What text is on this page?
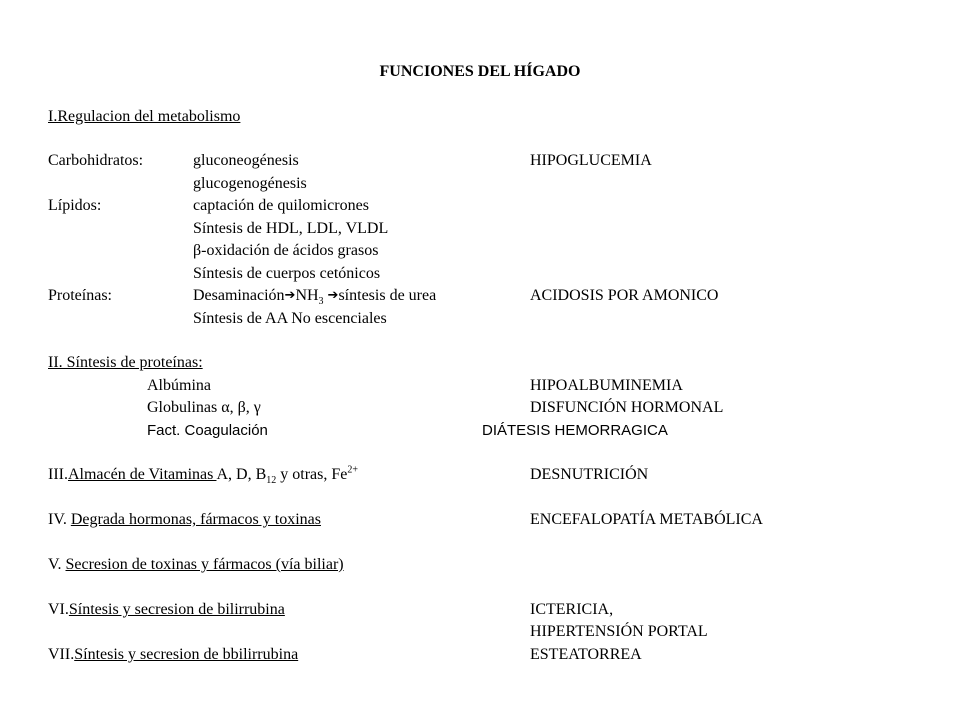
FUNCIONES DEL HÍGADO
I.Regulacion del metabolismo
Carbohidratos:	gluconeogénesis	HIPOGLUCEMIA
glucogenogénesis
Lípidos:	captación de quilomicrones
Síntesis de HDL, LDL, VLDL
β-oxidación de ácidos grasos
Síntesis de cuerpos cetónicos
Proteínas:	$Desaminación➔NH_3$ ➔síntesis de urea	ACIDOSIS POR AMONICO
Síntesis de AA No escenciales
II. Síntesis de proteínas:
Albúmina	HIPOALBUMINEMIA
Globulinas α, β, γ	DISFUNCIÓN HORMONAL
Fact. Coagulación	DIÁTESIS HEMORRAGICA
III.Almacén de Vitaminas A, D, $B_{12}$ y otras, $Fe^{2+}$	DESNUTRICIÓN
IV. Degrada hormonas, fármacos y toxinas	ENCEFALOPATÍA METABÓLICA
V. Secresion de toxinas y fármacos (vía biliar)
VI.Síntesis y secresion de bilirrubina	ICTERICIA,
HIPERTENSIÓN PORTAL
VII.Síntesis y secresion de bbilirrubina	ESTEATORREA
